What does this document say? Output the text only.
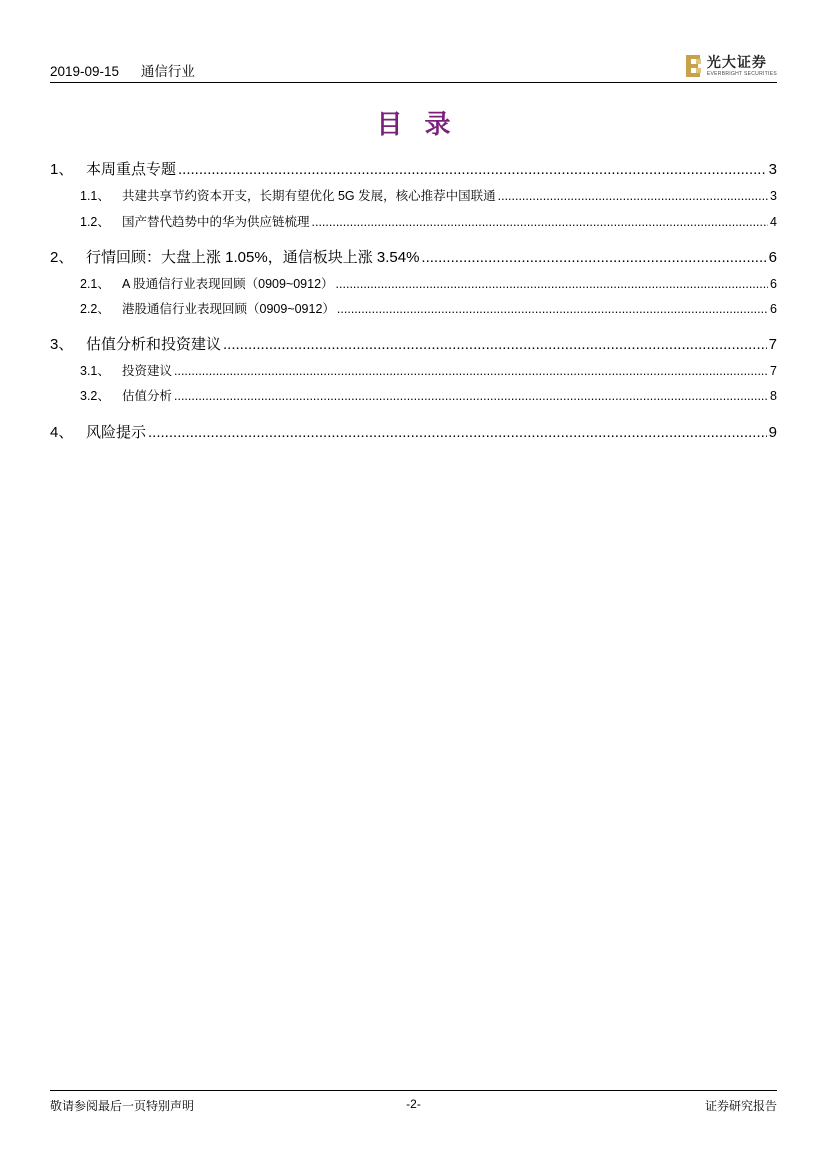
2019-09-15 通信行业
光大证券
EVERBRIGHT SECURITIES
目录
1、 本周重点专题 .....	3
1.1、 共建共享节约资本开支，长期有望优化 5G 发展，核心推荐中国联通 .....	3
1.2、 国产替代趋势中的华为供应链梳理 .....	4
2、 行情回顾：大盘上涨 1.05%，通信板块上涨 3.54% .....	6
2.1、 A 股通信行业表现回顾（0909~0912） .....	6
2.2、 港股通信行业表现回顾（0909~0912） .....	6
3、 估值分析和投资建议 .....	7
3.1、 投资建议 .....	7
3.2、 估值分析 .....	8
4、 风险提示 .....	9
敬请参阅最后一页特别声明	-2-	证券研究报告
